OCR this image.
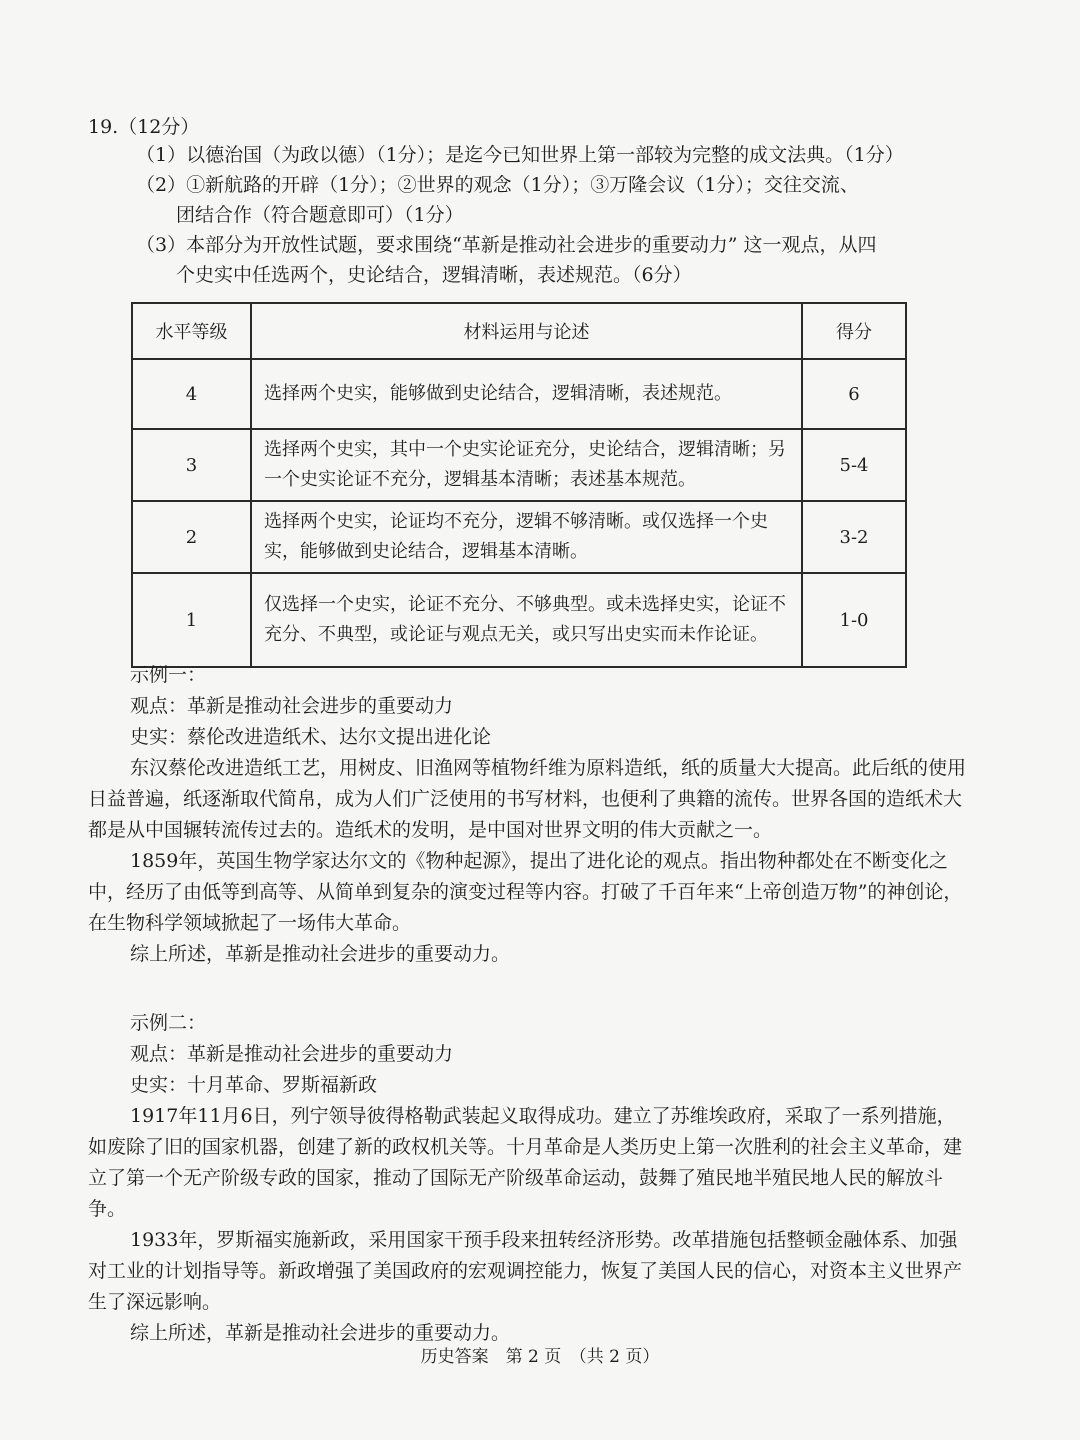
19.（12分）
（1）以德治国（为政以德）（1分）；是迄今已知世界上第一部较为完整的成文法典。（1分）
（2）①新航路的开辟（1分）；②世界的观念（1分）；③万隆会议（1分）；交往交流、
团结合作（符合题意即可）（1分）
（3）本部分为开放性试题，要求围绕“革新是推动社会进步的重要动力” 这一观点，从四
个史实中任选两个，史论结合，逻辑清晰，表述规范。（6分）
水平等级	材料运用与论述	得分
4	选择两个史实，能够做到史论结合，逻辑清晰，表述规范。	6
3	选择两个史实，其中一个史实论证充分，史论结合，逻辑清晰；另一个史实论证不充分，逻辑基本清晰；表述基本规范。	5-4
2	选择两个史实，论证均不充分，逻辑不够清晰。或仅选择一个史实，能够做到史论结合，逻辑基本清晰。	3-2
1	仅选择一个史实，论证不充分、不够典型。或未选择史实，论证不充分、不典型，或论证与观点无关，或只写出史实而未作论证。	1-0
示例一：
观点：革新是推动社会进步的重要动力
史实：蔡伦改进造纸术、达尔文提出进化论

东汉蔡伦改进造纸工艺，用树皮、旧渔网等植物纤维为原料造纸，纸的质量大大提高。此后纸的使用日益普遍，纸逐渐取代简帛，成为人们广泛使用的书写材料，也便利了典籍的流传。世界各国的造纸术大都是从中国辗转流传过去的。造纸术的发明，是中国对世界文明的伟大贡献之一。

1859年，英国生物学家达尔文的《物种起源》，提出了进化论的观点。指出物种都处在不断变化之中，经历了由低等到高等、从简单到复杂的演变过程等内容。打破了千百年来“上帝创造万物”的神创论，在生物科学领域掀起了一场伟大革命。

综上所述，革新是推动社会进步的重要动力。
示例二：
观点：革新是推动社会进步的重要动力
史实：十月革命、罗斯福新政

1917年11月6日，列宁领导彼得格勒武装起义取得成功。建立了苏维埃政府，采取了一系列措施，如废除了旧的国家机器，创建了新的政权机关等。十月革命是人类历史上第一次胜利的社会主义革命，建立了第一个无产阶级专政的国家，推动了国际无产阶级革命运动，鼓舞了殖民地半殖民地人民的解放斗争。

1933年，罗斯福实施新政，采用国家干预手段来扭转经济形势。改革措施包括整顿金融体系、加强对工业的计划指导等。新政增强了美国政府的宏观调控能力，恢复了美国人民的信心，对资本主义世界产生了深远影响。

综上所述，革新是推动社会进步的重要动力。
历史答案　第 2 页　（共 2 页）
